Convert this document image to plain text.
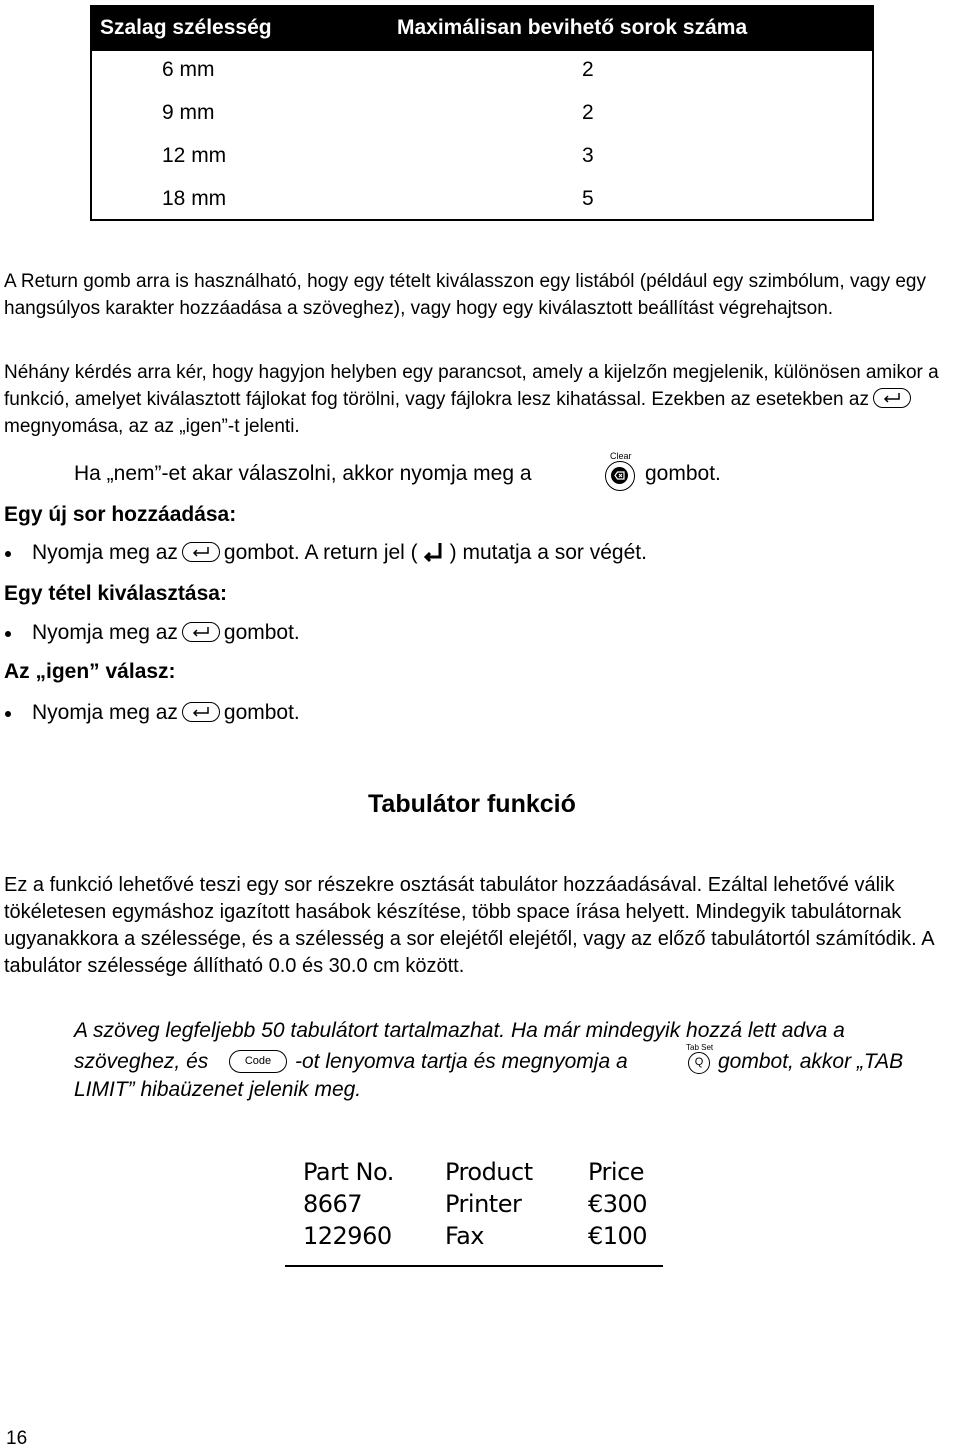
Szalag szélesség	Maximálisan bevihető sorok száma
6 mm	2
9 mm	2
12 mm	3
18 mm	5

A Return gomb arra is használható, hogy egy tételt kiválasszon egy listából (például egy szimbólum, vagy egy hangsúlyos karakter hozzáadása a szöveghez), vagy hogy egy kiválasztott beállítást végrehajtson.

Néhány kérdés arra kér, hogy hagyjon helyben egy parancsot, amely a kijelzőn megjelenik, különösen amikor a funkció, amelyet kiválasztott fájlokat fog törölni, vagy fájlokra lesz kihatással. Ezekben az esetekben az
megnyomása, az az „igen”-t jelenti.

Ha „nem”-et akar válaszolni, akkor nyomja meg a
Clear
gombot.
Egy új sor hozzáadása:
Nyomja meg az gombot. A return jel ( ) mutatja a sor végét.
Egy tétel kiválasztása:
Nyomja meg az gombot.
Az „igen” válasz:
Nyomja meg az gombot.
Tabulátor funkció

Ez a funkció lehetővé teszi egy sor részekre osztását tabulátor hozzáadásával. Ezáltal lehetővé válik tökéletesen egymáshoz igazított hasábok készítése, több space írása helyett. Mindegyik tabulátornak ugyanakkora a szélessége, és a szélesség a sor elejétől elejétől, vagy az előző tabulátortól számítódik. A tabulátor szélessége állítható 0.0 és 30.0 cm között.

A szöveg legfeljebb 50 tabulátort tartalmazhat. Ha már mindegyik hozzá lett adva a
szöveghez, és	Code	-ot lenyomva tartja és megnyomja a
Tab Set
Q gombot, akkor „TAB
LIMIT” hibaüzenet jelenik meg.
Part No. Product Price
8667	Printer	€300
122960 Fax	€100
16
